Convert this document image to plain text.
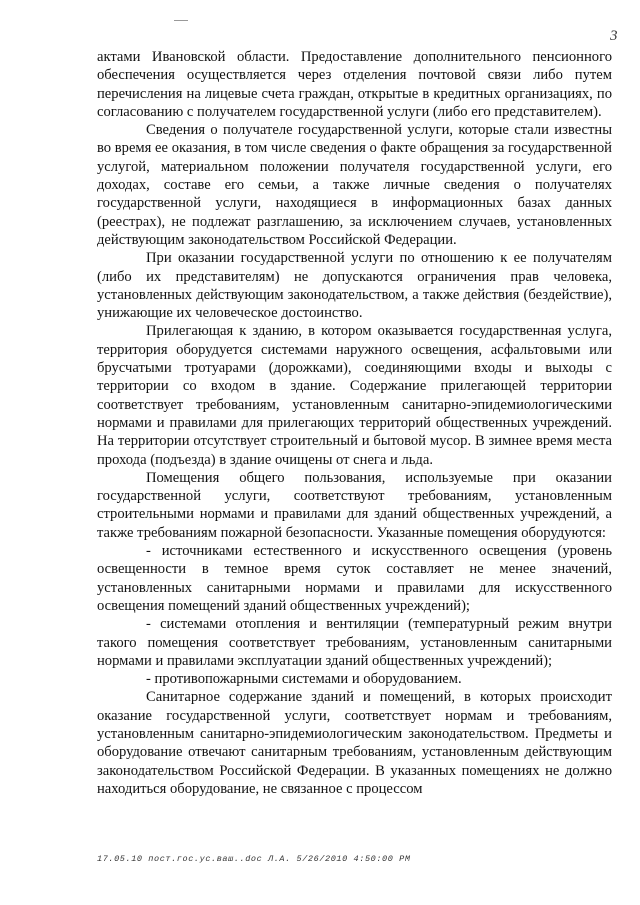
3

актами Ивановской области. Предоставление дополнительного пенсионного обеспечения осуществляется через отделения почтовой связи либо путем перечисления на лицевые счета граждан, открытые в кредитных организациях, по согласованию с получателем государственной услуги (либо его представителем).

Сведения о получателе государственной услуги, которые стали известны во время ее оказания, в том числе сведения о факте обращения за государственной услугой, материальном положении получателя государственной услуги, его доходах, составе его семьи, а также личные сведения о получателях государственной услуги, находящиеся в информационных базах данных (реестрах), не подлежат разглашению, за исключением случаев, установленных действующим законодательством Российской Федерации.

При оказании государственной услуги по отношению к ее получателям (либо их представителям) не допускаются ограничения прав человека, установленных действующим законодательством, а также действия (бездействие), унижающие их человеческое достоинство.

Прилегающая к зданию, в котором оказывается государственная услуга, территория оборудуется системами наружного освещения, асфальтовыми или брусчатыми тротуарами (дорожками), соединяющими входы и выходы с территории со входом в здание. Содержание прилегающей территории соответствует требованиям, установленным санитарно-эпидемиологическими нормами и правилами для прилегающих территорий общественных учреждений. На территории отсутствует строительный и бытовой мусор. В зимнее время места прохода (подъезда) в здание очищены от снега и льда.

Помещения общего пользования, используемые при оказании государственной услуги, соответствуют требованиям, установленным строительными нормами и правилами для зданий общественных учреждений, а также требованиям пожарной безопасности. Указанные помещения оборудуются:

- источниками естественного и искусственного освещения (уровень освещенности в темное время суток составляет не менее значений, установленных санитарными нормами и правилами для искусственного освещения помещений зданий общественных учреждений);

- системами отопления и вентиляции (температурный режим внутри такого помещения соответствует требованиям, установленным санитарными нормами и правилами эксплуатации зданий общественных учреждений);

- противопожарными системами и оборудованием.

Санитарное содержание зданий и помещений, в которых происходит оказание государственной услуги, соответствует нормам и требованиям, установленным санитарно-эпидемиологическим законодательством. Предметы и оборудование отвечают санитарным требованиям, установленным действующим законодательством Российской Федерации. В указанных помещениях не должно находиться оборудование, не связанное с процессом

17.05.10 пост.гос.ус.ваш..doc Л.А. 5/26/2010 4:50:00 PM
